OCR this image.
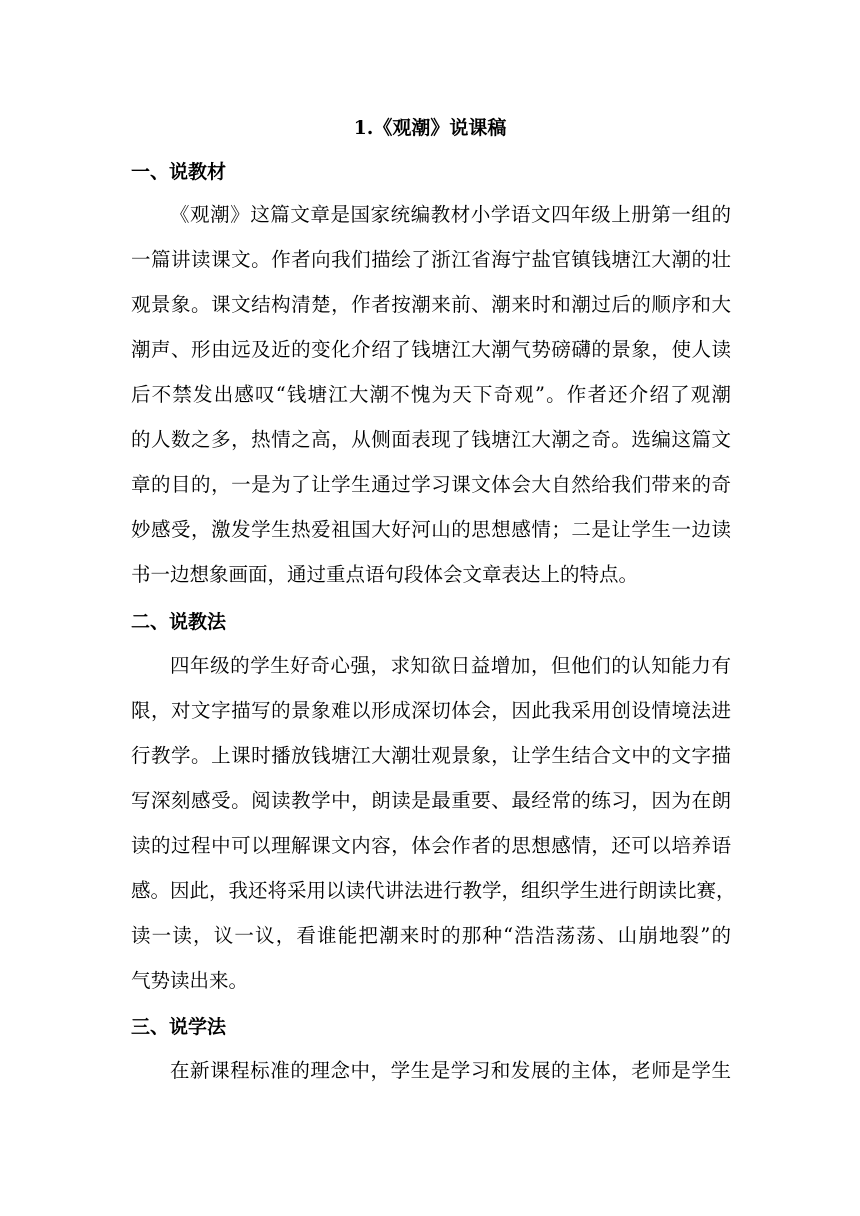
1.《观潮》说课稿
一、说教材
《观潮》这篇文章是国家统编教材小学语文四年级上册第一组的
一篇讲读课文。作者向我们描绘了浙江省海宁盐官镇钱塘江大潮的壮
观景象。课文结构清楚，作者按潮来前、潮来时和潮过后的顺序和大
潮声、形由远及近的变化介绍了钱塘江大潮气势磅礴的景象，使人读
后不禁发出感叹“钱塘江大潮不愧为天下奇观”。作者还介绍了观潮
的人数之多，热情之高，从侧面表现了钱塘江大潮之奇。选编这篇文
章的目的，一是为了让学生通过学习课文体会大自然给我们带来的奇
妙感受，激发学生热爱祖国大好河山的思想感情；二是让学生一边读
书一边想象画面，通过重点语句段体会文章表达上的特点。
二、说教法
四年级的学生好奇心强，求知欲日益增加，但他们的认知能力有
限，对文字描写的景象难以形成深切体会，因此我采用创设情境法进
行教学。上课时播放钱塘江大潮壮观景象，让学生结合文中的文字描
写深刻感受。阅读教学中，朗读是最重要、最经常的练习，因为在朗
读的过程中可以理解课文内容，体会作者的思想感情，还可以培养语
感。因此，我还将采用以读代讲法进行教学，组织学生进行朗读比赛，
读一读，议一议，看谁能把潮来时的那种“浩浩荡荡、山崩地裂”的
气势读出来。
三、说学法
在新课程标准的理念中，学生是学习和发展的主体，老师是学生
